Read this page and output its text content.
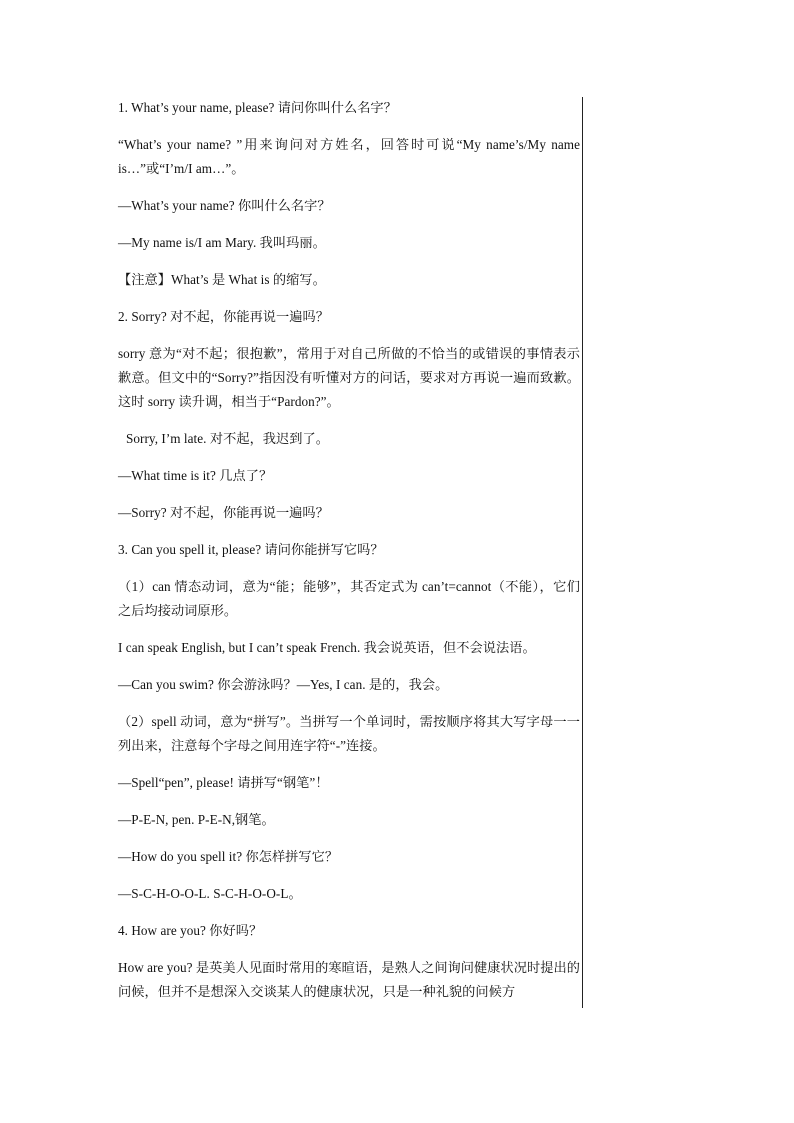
1. What’s your name, please? 请问你叫什么名字？

“What’s your name? ”用来询问对方姓名，回答时可说“My name’s/My name is…”或“I’m/I am…”。

—What’s your name? 你叫什么名字？

—My name is/I am Mary. 我叫玛丽。

【注意】What’s 是 What is 的缩写。

2. Sorry? 对不起，你能再说一遍吗？

sorry 意为“对不起；很抱歉”，常用于对自己所做的不恰当的或错误的事情表示歉意。但文中的“Sorry?”指因没有听懂对方的问话，要求对方再说一遍而致歉。这时 sorry 读升调，相当于“Pardon?”。

Sorry, I’m late. 对不起，我迟到了。

—What time is it? 几点了？

—Sorry? 对不起，你能再说一遍吗？

3. Can you spell it, please? 请问你能拼写它吗？

（1）can 情态动词，意为“能；能够”，其否定式为 can’t=cannot（不能），它们之后均接动词原形。

I can speak English, but I can’t speak French. 我会说英语，但不会说法语。

—Can you swim? 你会游泳吗？—Yes, I can. 是的，我会。

（2）spell 动词，意为“拼写”。当拼写一个单词时，需按顺序将其大写字母一一列出来，注意每个字母之间用连字符“-”连接。

—Spell“pen”, please! 请拼写“钢笔”！

—P-E-N, pen. P-E-N,钢笔。

—How do you spell it? 你怎样拼写它？

—S-C-H-O-O-L. S-C-H-O-O-L。

4. How are you? 你好吗？

How are you? 是英美人见面时常用的寒暄语，是熟人之间询问健康状况时提出的问候，但并不是想深入交谈某人的健康状况，只是一种礼貌的问候方
